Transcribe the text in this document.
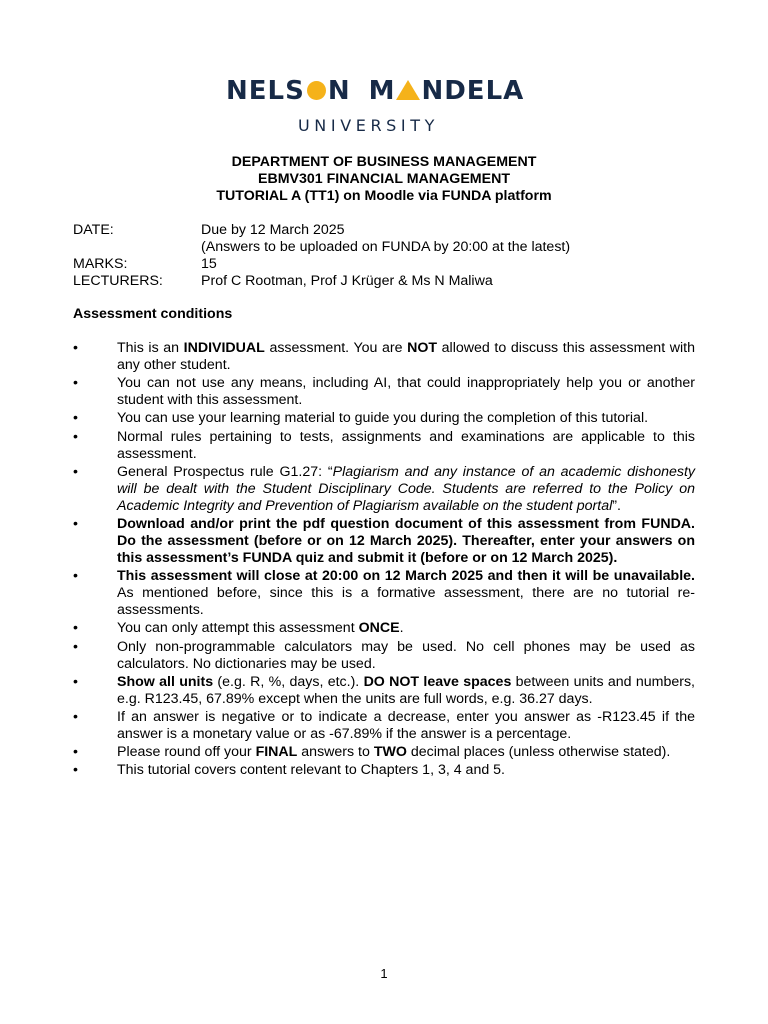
NELS N M NDELA
UNIVERSITY
DEPARTMENT OF BUSINESS MANAGEMENT
EBMV301 FINANCIAL MANAGEMENT
TUTORIAL A (TT1) on Moodle via FUNDA platform
DATE:	Due by 12 March 2025
(Answers to be uploaded on FUNDA by 20:00 at the latest)
MARKS:	15
LECTURERS:	Prof C Rootman, Prof J Krüger & Ms N Maliwa
Assessment conditions
•	This is an INDIVIDUAL assessment. You are NOT allowed to discuss this assessment with any other student.
•	You can not use any means, including AI, that could inappropriately help you or another student with this assessment.
•	You can use your learning material to guide you during the completion of this tutorial.
•	Normal rules pertaining to tests, assignments and examinations are applicable to this assessment.
•	General Prospectus rule G1.27: “Plagiarism and any instance of an academic dishonesty will be dealt with the Student Disciplinary Code. Students are referred to the Policy on Academic Integrity and Prevention of Plagiarism available on the student portal”.
•	Download and/or print the pdf question document of this assessment from FUNDA. Do the assessment (before or on 12 March 2025). Thereafter, enter your answers on this assessment’s FUNDA quiz and submit it (before or on 12 March 2025).
•	This assessment will close at 20:00 on 12 March 2025 and then it will be unavailable. As mentioned before, since this is a formative assessment, there are no tutorial re-assessments.
•	You can only attempt this assessment ONCE.
•	Only non-programmable calculators may be used. No cell phones may be used as calculators. No dictionaries may be used.
•	Show all units (e.g. R, %, days, etc.). DO NOT leave spaces between units and numbers, e.g. R123.45, 67.89% except when the units are full words, e.g. 36.27 days.
•	If an answer is negative or to indicate a decrease, enter you answer as -R123.45 if the answer is a monetary value or as -67.89% if the answer is a percentage.
•	Please round off your FINAL answers to TWO decimal places (unless otherwise stated).
•	This tutorial covers content relevant to Chapters 1, 3, 4 and 5.
1
